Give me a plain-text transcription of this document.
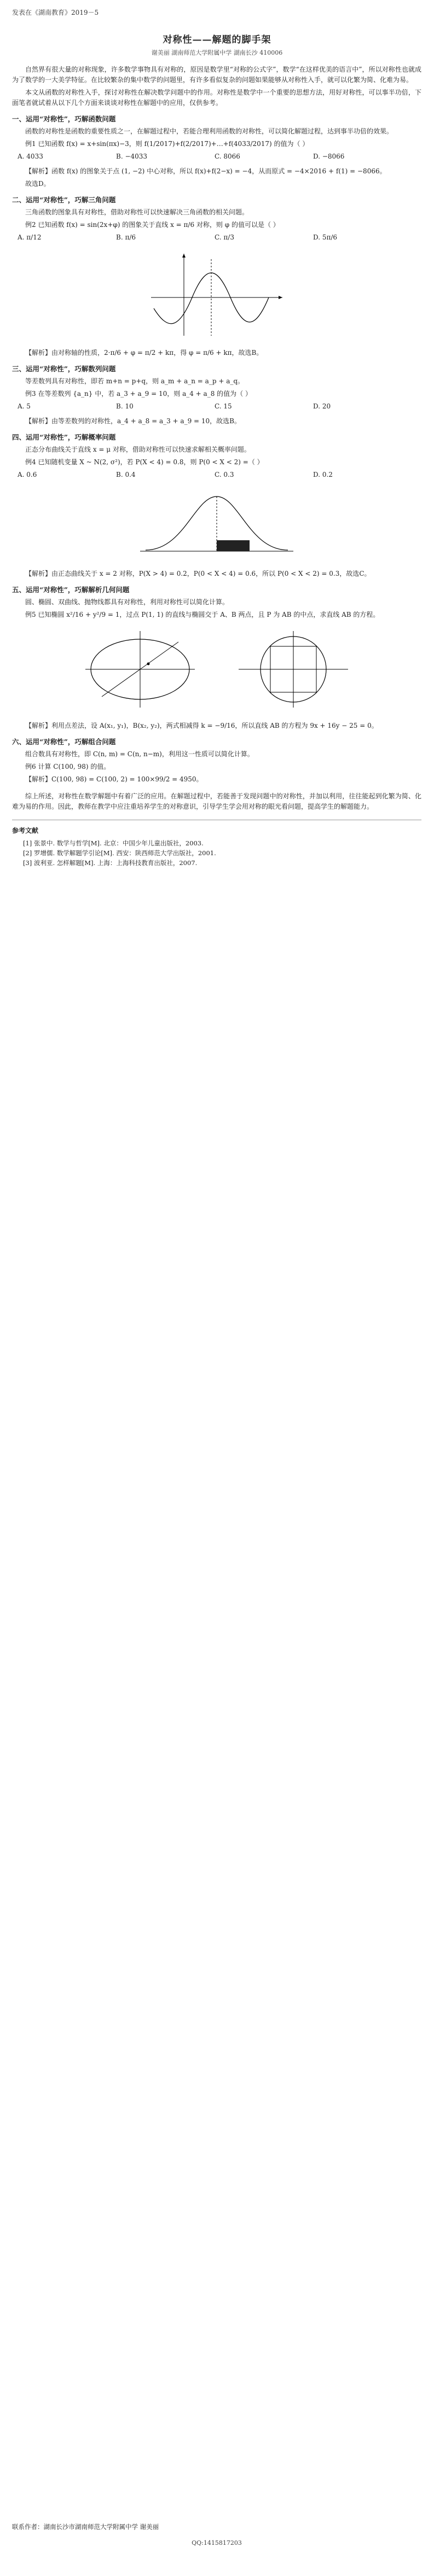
发表在《湖南教育》2019－5
对称性——解题的脚手架
谢美丽 湖南师范大学附属中学 湖南长沙 410006

自然界有很大量的对称现象，许多数学事物具有对称的，原因是数学里“对称的公式字”，数学“在这样优美的语言中”，所以对称性也就成为了数学的一大美学特征。在比较繁杂的集中数学的问题里，有许多看似复杂的问题如果能够从对称性入手，就可以化繁为简、化难为易。

本文从函数的对称性入手，探讨对称性在解决数学问题中的作用。对称性是数学中一个重要的思想方法，用好对称性，可以事半功倍，下面笔者就试着从以下几个方面来谈谈对称性在解题中的应用，仅供参考。

一、运用“对称性”，巧解函数问题

函数的对称性是函数的重要性质之一，在解题过程中，若能合理利用函数的对称性，可以简化解题过程，达到事半功倍的效果。

例1 已知函数 f(x) = x+sin(πx)−3，则 f(1/2017)+f(2/2017)+…+f(4033/2017) 的值为（ ）

A. 4033	B. −4033	C. 8066	D. −8066

【解析】函数 f(x) 的图象关于点 (1, −2) 中心对称，所以 f(x)+f(2−x) = −4，从而原式 = −4×2016 + f(1) = −8066。

故选D。

二、运用“对称性”，巧解三角问题

三角函数的图象具有对称性，借助对称性可以快速解决三角函数的相关问题。

例2 已知函数 f(x) = sin(2x+φ) 的图象关于直线 x = π/6 对称，则 φ 的值可以是（ ）

A. π/12	B. π/6	C. π/3	D. 5π/6

【解析】由对称轴的性质，2·π/6 + φ = π/2 + kπ，得 φ = π/6 + kπ，故选B。

三、运用“对称性”，巧解数列问题

等差数列具有对称性，即若 m+n = p+q，则 a_m + a_n = a_p + a_q。

例3 在等差数列 {a_n} 中，若 a_3 + a_9 = 10，则 a_4 + a_8 的值为（ ）

A. 5	B. 10	C. 15	D. 20

【解析】由等差数列的对称性，a_4 + a_8 = a_3 + a_9 = 10，故选B。

四、运用“对称性”，巧解概率问题

正态分布曲线关于直线 x = μ 对称，借助对称性可以快速求解相关概率问题。

例4 已知随机变量 X ~ N(2, σ²)，若 P(X < 4) = 0.8，则 P(0 < X < 2) =（ ）

A. 0.6	B. 0.4	C. 0.3	D. 0.2

【解析】由正态曲线关于 x = 2 对称，P(X > 4) = 0.2，P(0 < X < 4) = 0.6，所以 P(0 < X < 2) = 0.3，故选C。

五、运用“对称性”，巧解解析几何问题

圆、椭圆、双曲线、抛物线都具有对称性，利用对称性可以简化计算。

例5 已知椭圆 x²/16 + y²/9 = 1，过点 P(1, 1) 的直线与椭圆交于 A、B 两点，且 P 为 AB 的中点，求直线 AB 的方程。

【解析】利用点差法，设 A(x₁, y₁)，B(x₂, y₂)，两式相减得 k = −9/16，所以直线 AB 的方程为 9x + 16y − 25 = 0。

六、运用“对称性”，巧解组合问题

组合数具有对称性，即 C(n, m) = C(n, n−m)，利用这一性质可以简化计算。

例6 计算 C(100, 98) 的值。

【解析】C(100, 98) = C(100, 2) = 100×99/2 = 4950。

综上所述，对称性在数学解题中有着广泛的应用。在解题过程中，若能善于发现问题中的对称性，并加以利用，往往能起到化繁为简、化难为易的作用。因此，教师在教学中应注重培养学生的对称意识，引导学生学会用对称的眼光看问题，提高学生的解题能力。

参考文献

[1] 张景中. 数学与哲学[M]. 北京：中国少年儿童出版社，2003.
[2] 罗增儒. 数学解题学引论[M]. 西安：陕西师范大学出版社，2001.
[3] 波利亚. 怎样解题[M]. 上海：上海科技教育出版社，2007.
联系作者：湖南长沙市湖南师范大学附属中学 谢美丽
QQ:1415817203
